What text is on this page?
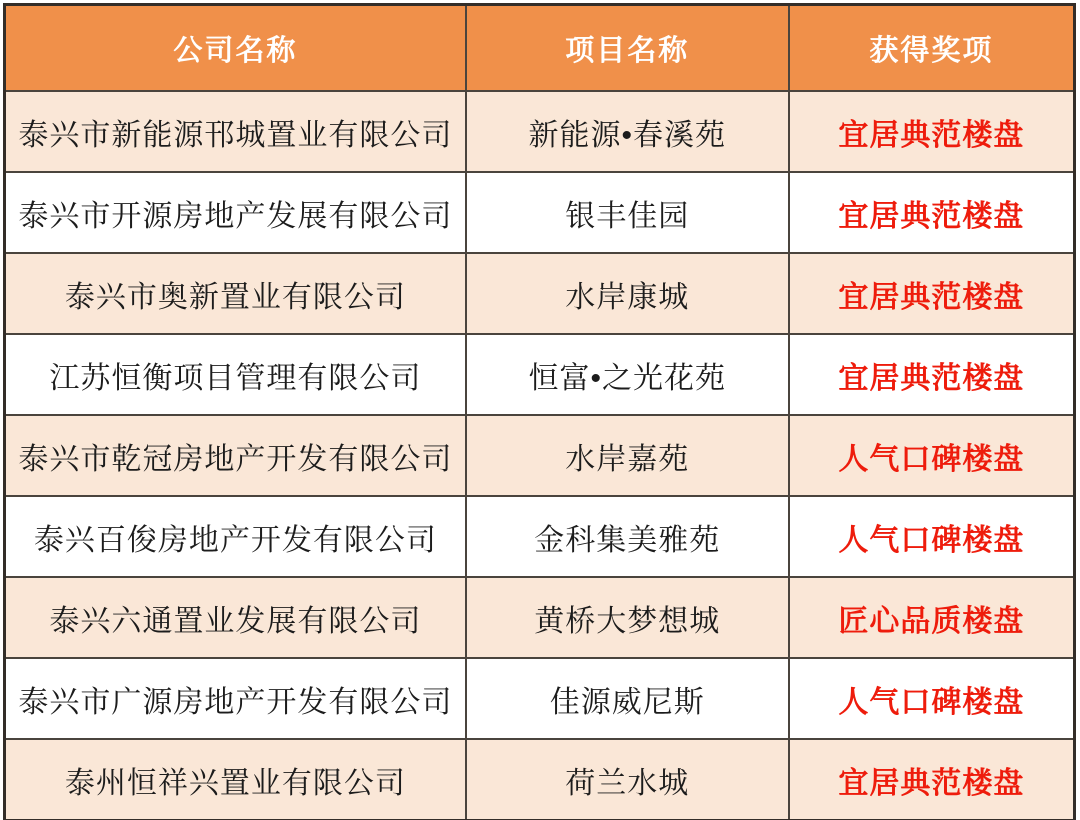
公司名称	项目名称	获得奖项
泰兴市新能源邗城置业有限公司	新能源•春溪苑	宜居典范楼盘
泰兴市开源房地产发展有限公司	银丰佳园	宜居典范楼盘
泰兴市奥新置业有限公司	水岸康城	宜居典范楼盘
江苏恒衡项目管理有限公司	恒富•之光花苑	宜居典范楼盘
泰兴市乾冠房地产开发有限公司	水岸嘉苑	人气口碑楼盘
泰兴百俊房地产开发有限公司	金科集美雅苑	人气口碑楼盘
泰兴六通置业发展有限公司	黄桥大梦想城	匠心品质楼盘
泰兴市广源房地产开发有限公司	佳源威尼斯	人气口碑楼盘
泰州恒祥兴置业有限公司	荷兰水城	宜居典范楼盘
